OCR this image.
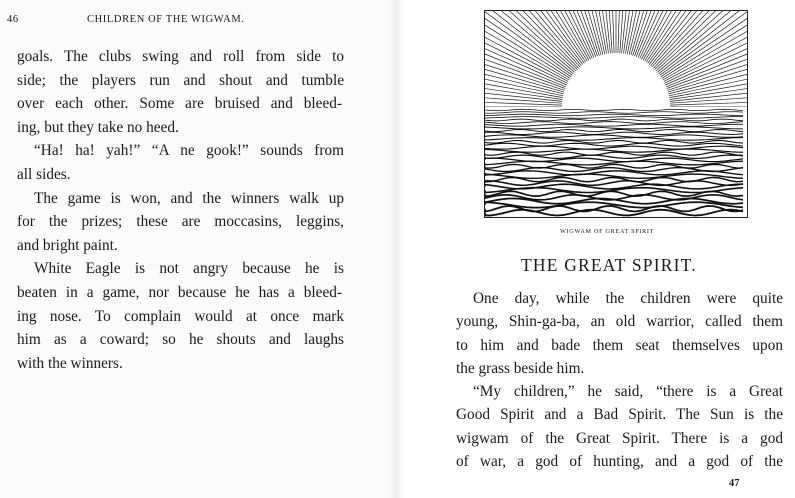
46	CHILDREN OF THE WIGWAM.

goals. The clubs swing and roll from side to
side; the players run and shout and tumble
over each other. Some are bruised and bleed-
ing, but they take no heed.

“Ha! ha! yah!” “A ne gook!” sounds from
all sides.

The game is won, and the winners walk up
for the prizes; these are moccasins, leggins,
and bright paint.

White Eagle is not angry because he is
beaten in a game, nor because he has a bleed-
ing nose. To complain would at once mark
him as a coward; so he shouts and laughs
with the winners.

WIGWAM OF GREAT SPIRIT
THE GREAT SPIRIT.

One day, while the children were quite
young, Shin-ga-ba, an old warrior, called them
to him and bade them seat themselves upon
the grass beside him.

“My children,” he said, “there is a Great
Good Spirit and a Bad Spirit. The Sun is the
wigwam of the Great Spirit. There is a god
of war, a god of hunting, and a god of the

47
